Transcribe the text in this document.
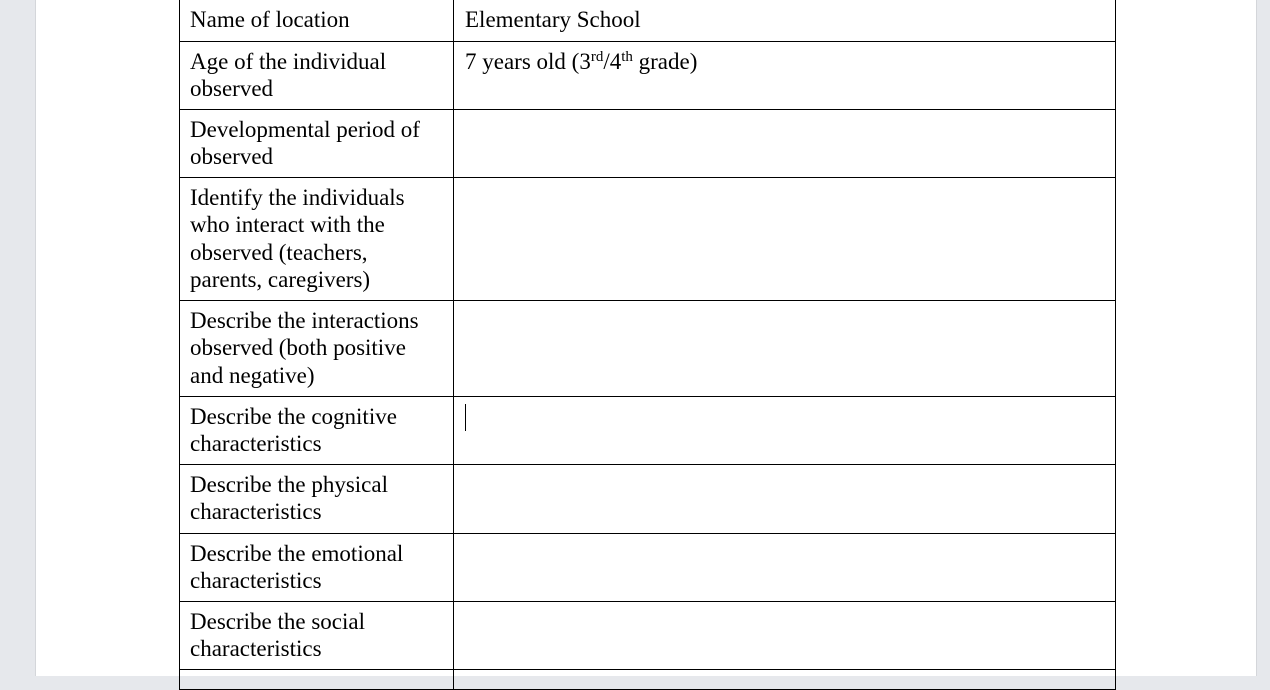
Name of location	Elementary School
Age of the individual observed	7 years old (3rd/4th grade)
Developmental period of observed	
Identify the individuals who interact with the observed (teachers, parents, caregivers)	
Describe the interactions observed (both positive and negative)	
Describe the cognitive characteristics	
Describe the physical characteristics	
Describe the emotional characteristics	
Describe the social characteristics	
